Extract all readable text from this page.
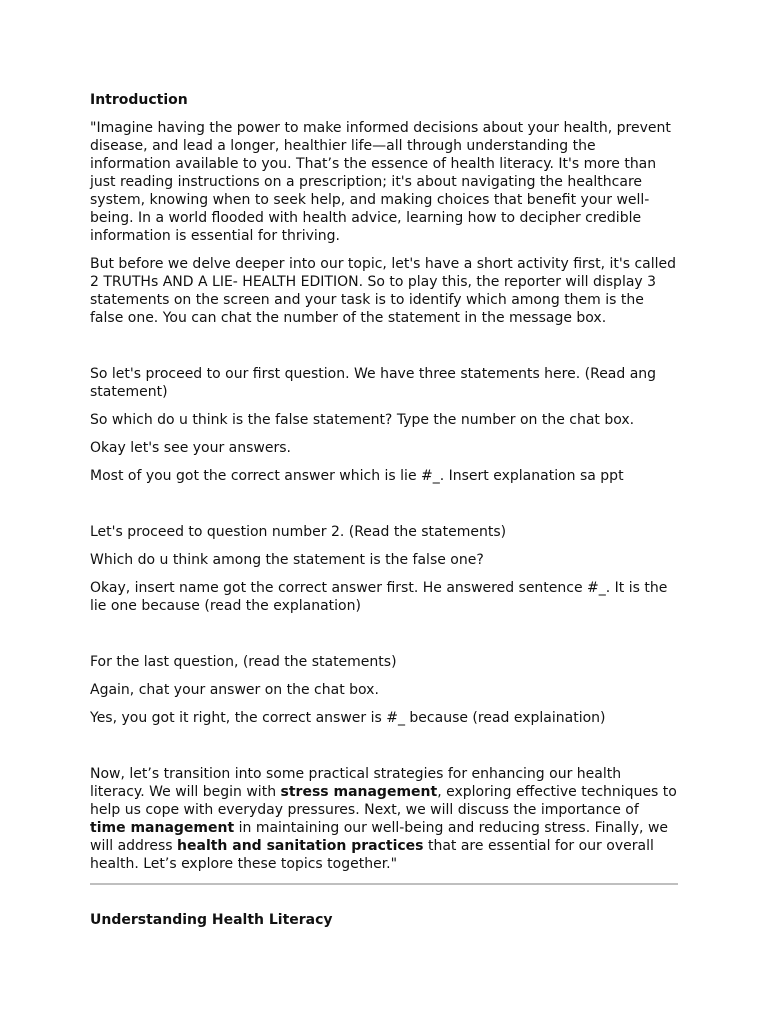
Introduction

"Imagine having the power to make informed decisions about your health, prevent disease, and lead a longer, healthier life—all through understanding the information available to you. That’s the essence of health literacy. It's more than just reading instructions on a prescription; it's about navigating the healthcare system, knowing when to seek help, and making choices that benefit your well-being. In a world flooded with health advice, learning how to decipher credible information is essential for thriving.

But before we delve deeper into our topic, let's have a short activity first, it's called 2 TRUTHs AND A LIE- HEALTH EDITION. So to play this, the reporter will display 3 statements on the screen and your task is to identify which among them is the false one. You can chat the number of the statement in the message box.

So let's proceed to our first question. We have three statements here. (Read ang statement)

So which do u think is the false statement? Type the number on the chat box.

Okay let's see your answers.

Most of you got the correct answer which is lie #_. Insert explanation sa ppt

Let's proceed to question number 2. (Read the statements)

Which do u think among the statement is the false one?

Okay, insert name got the correct answer first. He answered sentence #_. It is the lie one because (read the explanation)

For the last question, (read the statements)

Again, chat your answer on the chat box.

Yes, you got it right, the correct answer is #_ because (read explaination)

Now, let’s transition into some practical strategies for enhancing our health literacy. We will begin with stress management, exploring effective techniques to help us cope with everyday pressures. Next, we will discuss the importance of time management in maintaining our well-being and reducing stress. Finally, we will address health and sanitation practices that are essential for our overall health. Let’s explore these topics together."

Understanding Health Literacy
